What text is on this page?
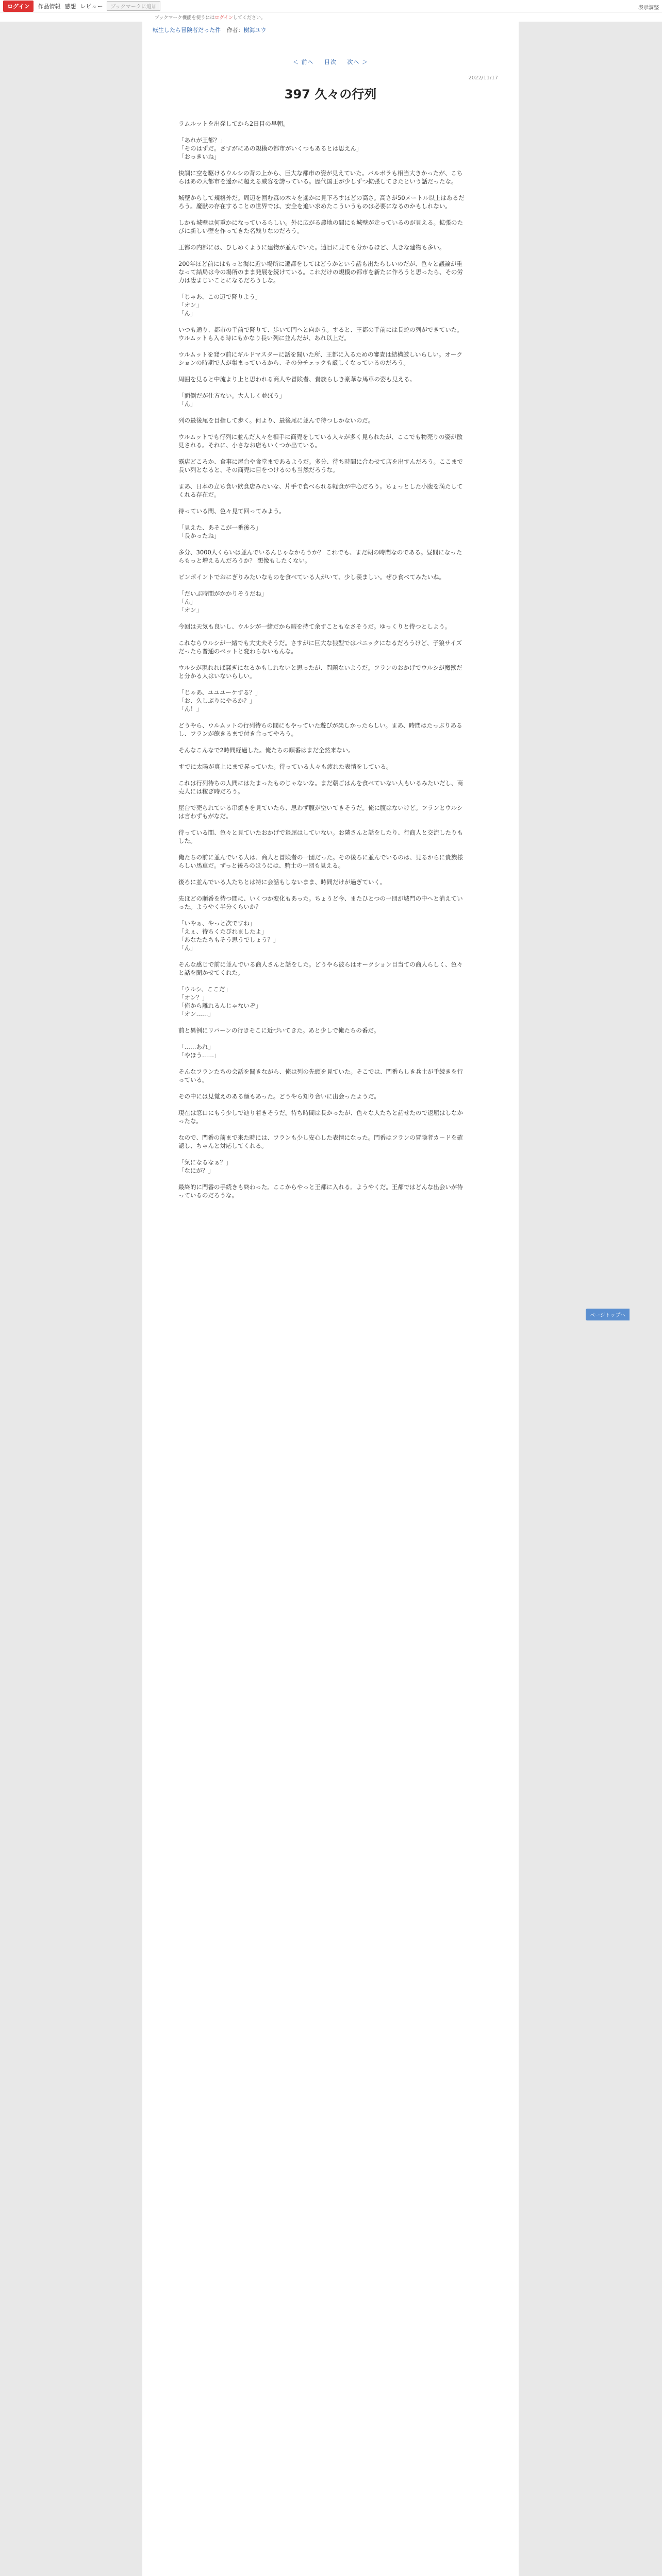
ログイン	作品情報 感想 レビュー	ブックマークに追加	表示調整
ブックマーク機能を使うにはログインしてください。
転生したら冒険者だった件 作者：樹海ユウ
＜ 前へ 目次 次へ ＞
2022/11/17
397 久々の行列

ラムルットを出発してから2日目の早朝。

「あれが王都？」
「そのはずだ。さすがにあの規模の都市がいくつもあるとは思えん」
「おっきいね」

快調に空を駆けるウルシの背の上から、巨大な都市の姿が見えていた。バルボラも相当大きかったが、こちらはあの大都市を遥かに超える威容を誇っている。歴代国王が少しずつ拡張してきたという話だったな。

城壁からして規格外だ。周辺を囲む森の木々を遥かに見下ろすほどの高さ。高さが50メートル以上はあるだろう。魔獣の存在することの世界では、安全を追い求めたこういうものは必要になるのかもしれない。

しかも城壁は何重かになっているらしい。外に広がる農地の間にも城壁が走っているのが見える。拡張のたびに新しい壁を作ってきた名残りなのだろう。

王都の内部には、ひしめくように建物が並んでいた。遠目に見ても分かるほど、大きな建物も多い。

200年ほど前にはもっと海に近い場所に遷都をしてはどうかという話も出たらしいのだが、色々と議論が重なって結局は今の場所のまま発展を続けている。これだけの規模の都市を新たに作ろうと思ったら、その労力は凄まじいことになるだろうしな。

「じゃあ、この辺で降りよう」
「オン」
「ん」

いつも通り、都市の手前で降りて、歩いて門へと向かう。すると、王都の手前には長蛇の列ができていた。ウルムットも入る時にもかなり長い列に並んだが、あれ以上だ。

ウルムットを発つ前にギルドマスターに話を聞いた所、王都に入るための審査は結構厳しいらしい。オークションの時期で人が集まっているから、その分チェックも厳しくなっているのだろう。

周囲を見ると中流より上と思われる商人や冒険者、貴族らしき豪華な馬車の姿も見える。

「面倒だが仕方ない。大人しく並ぼう」
「ん」

列の最後尾を目指して歩く。何より、最後尾に並んで待つしかないのだ。

ウルムットでも行列に並んだ人々を相手に商売をしている人々が多く見られたが、ここでも物売りの姿が散見される。それに、小さなお店もいくつか出ている。

露店どころか、食事に屋台や食堂まであるようだ。多分、待ち時間に合わせて店を出すんだろう。ここまで長い列となると、その商売に目をつけるのも当然だろうな。

まあ、日本の立ち食い飲食店みたいな、片手で食べられる軽食が中心だろう。ちょっとした小腹を満たしてくれる存在だ。

待っている間、色々見て回ってみよう。

「見えた、あそこが一番後ろ」
「長かったね」

多分、3000人くらいは並んでいるんじゃなかろうか？ これでも、まだ朝の時間なのである。昼間になったらもっと増えるんだろうか？ 想像もしたくない。

ビンボイントでおにぎりみたいなものを食べている人がいて、少し羨ましい。ぜひ食べてみたいね。

「だいぶ時間がかかりそうだね」
「ん」
「オン」

今回は天気も良いし、ウルシが一緒だから暇を持て余すこともなさそうだ。ゆっくりと待つとしよう。

これならウルシが一緒でも大丈夫そうだ。さすがに巨大な狼型ではパニックになるだろうけど、子狼サイズだったら普通のペットと変わらないもんな。

ウルシが現れれば騒ぎになるかもしれないと思ったが、問題ないようだ。フランのおかげでウルシが魔獣だと分かる人はいないらしい。

「じゃあ、ユユユーケする？」
「お、久しぶりにやるか？」
「ん！」

どうやら、ウルムットの行列待ちの間にもやっていた遊びが楽しかったらしい。まあ、時間はたっぷりあるし、フランが飽きるまで付き合ってやろう。

そんなこんなで2時間経過した。俺たちの順番はまだ全然来ない。

すでに太陽が真上にまで昇っていた。待っている人々も疲れた表情をしている。

これは行列待ちの人間にはたまったものじゃないな。まだ朝ごはんを食べていない人もいるみたいだし、商売人には稼ぎ時だろう。

屋台で売られている串焼きを見ていたら、思わず腹が空いてきそうだ。俺に腹はないけど。フランとウルシは言わずもがなだ。

待っている間、色々と見ていたおかげで退屈はしていない。お隣さんと話をしたり、行商人と交流したりもした。

俺たちの前に並んでいる人は、商人と冒険者の一団だった。その後ろに並んでいるのは、見るからに貴族様らしい馬車だ。ずっと後ろのほうには、騎士の一団も見える。

後ろに並んでいる人たちとは特に会話もしないまま、時間だけが過ぎていく。

先ほどの順番を待つ間に、いくつか変化もあった。ちょうど今、またひとつの一団が城門の中へと消えていった。ようやく半分くらいか？

「いやぁ、やっと次ですね」
「えぇ、待ちくたびれましたよ」
「あなたたちもそう思うでしょう？」
「ん」

そんな感じで前に並んでいる商人さんと話をした。どうやら彼らはオークション目当ての商人らしく、色々と話を聞かせてくれた。

「ウルシ、ここだ」
「オン？」
「俺から離れるんじゃないぞ」
「オン……」

前と異例にリバーンの行きそこに近づいてきた。あと少しで俺たちの番だ。

「……あれ」
「やほう……」

そんなフランたちの会話を聞きながら、俺は列の先頭を見ていた。そこでは、門番らしき兵士が手続きを行っている。

その中には見覚えのある顔もあった。どうやら知り合いに出会ったようだ。

現在は窓口にもう少しで辿り着きそうだ。待ち時間は長かったが、色々な人たちと話せたので退屈はしなかったな。

なので、門番の前まで来た時には、フランも少し安心した表情になった。門番はフランの冒険者カードを確認し、ちゃんと対応してくれる。

「気になるなぁ？」
「なにが？」

最終的に門番の手続きも終わった。ここからやっと王都に入れる。ようやくだ。王都ではどんな出会いが待っているのだろうな。

ページトップへ
